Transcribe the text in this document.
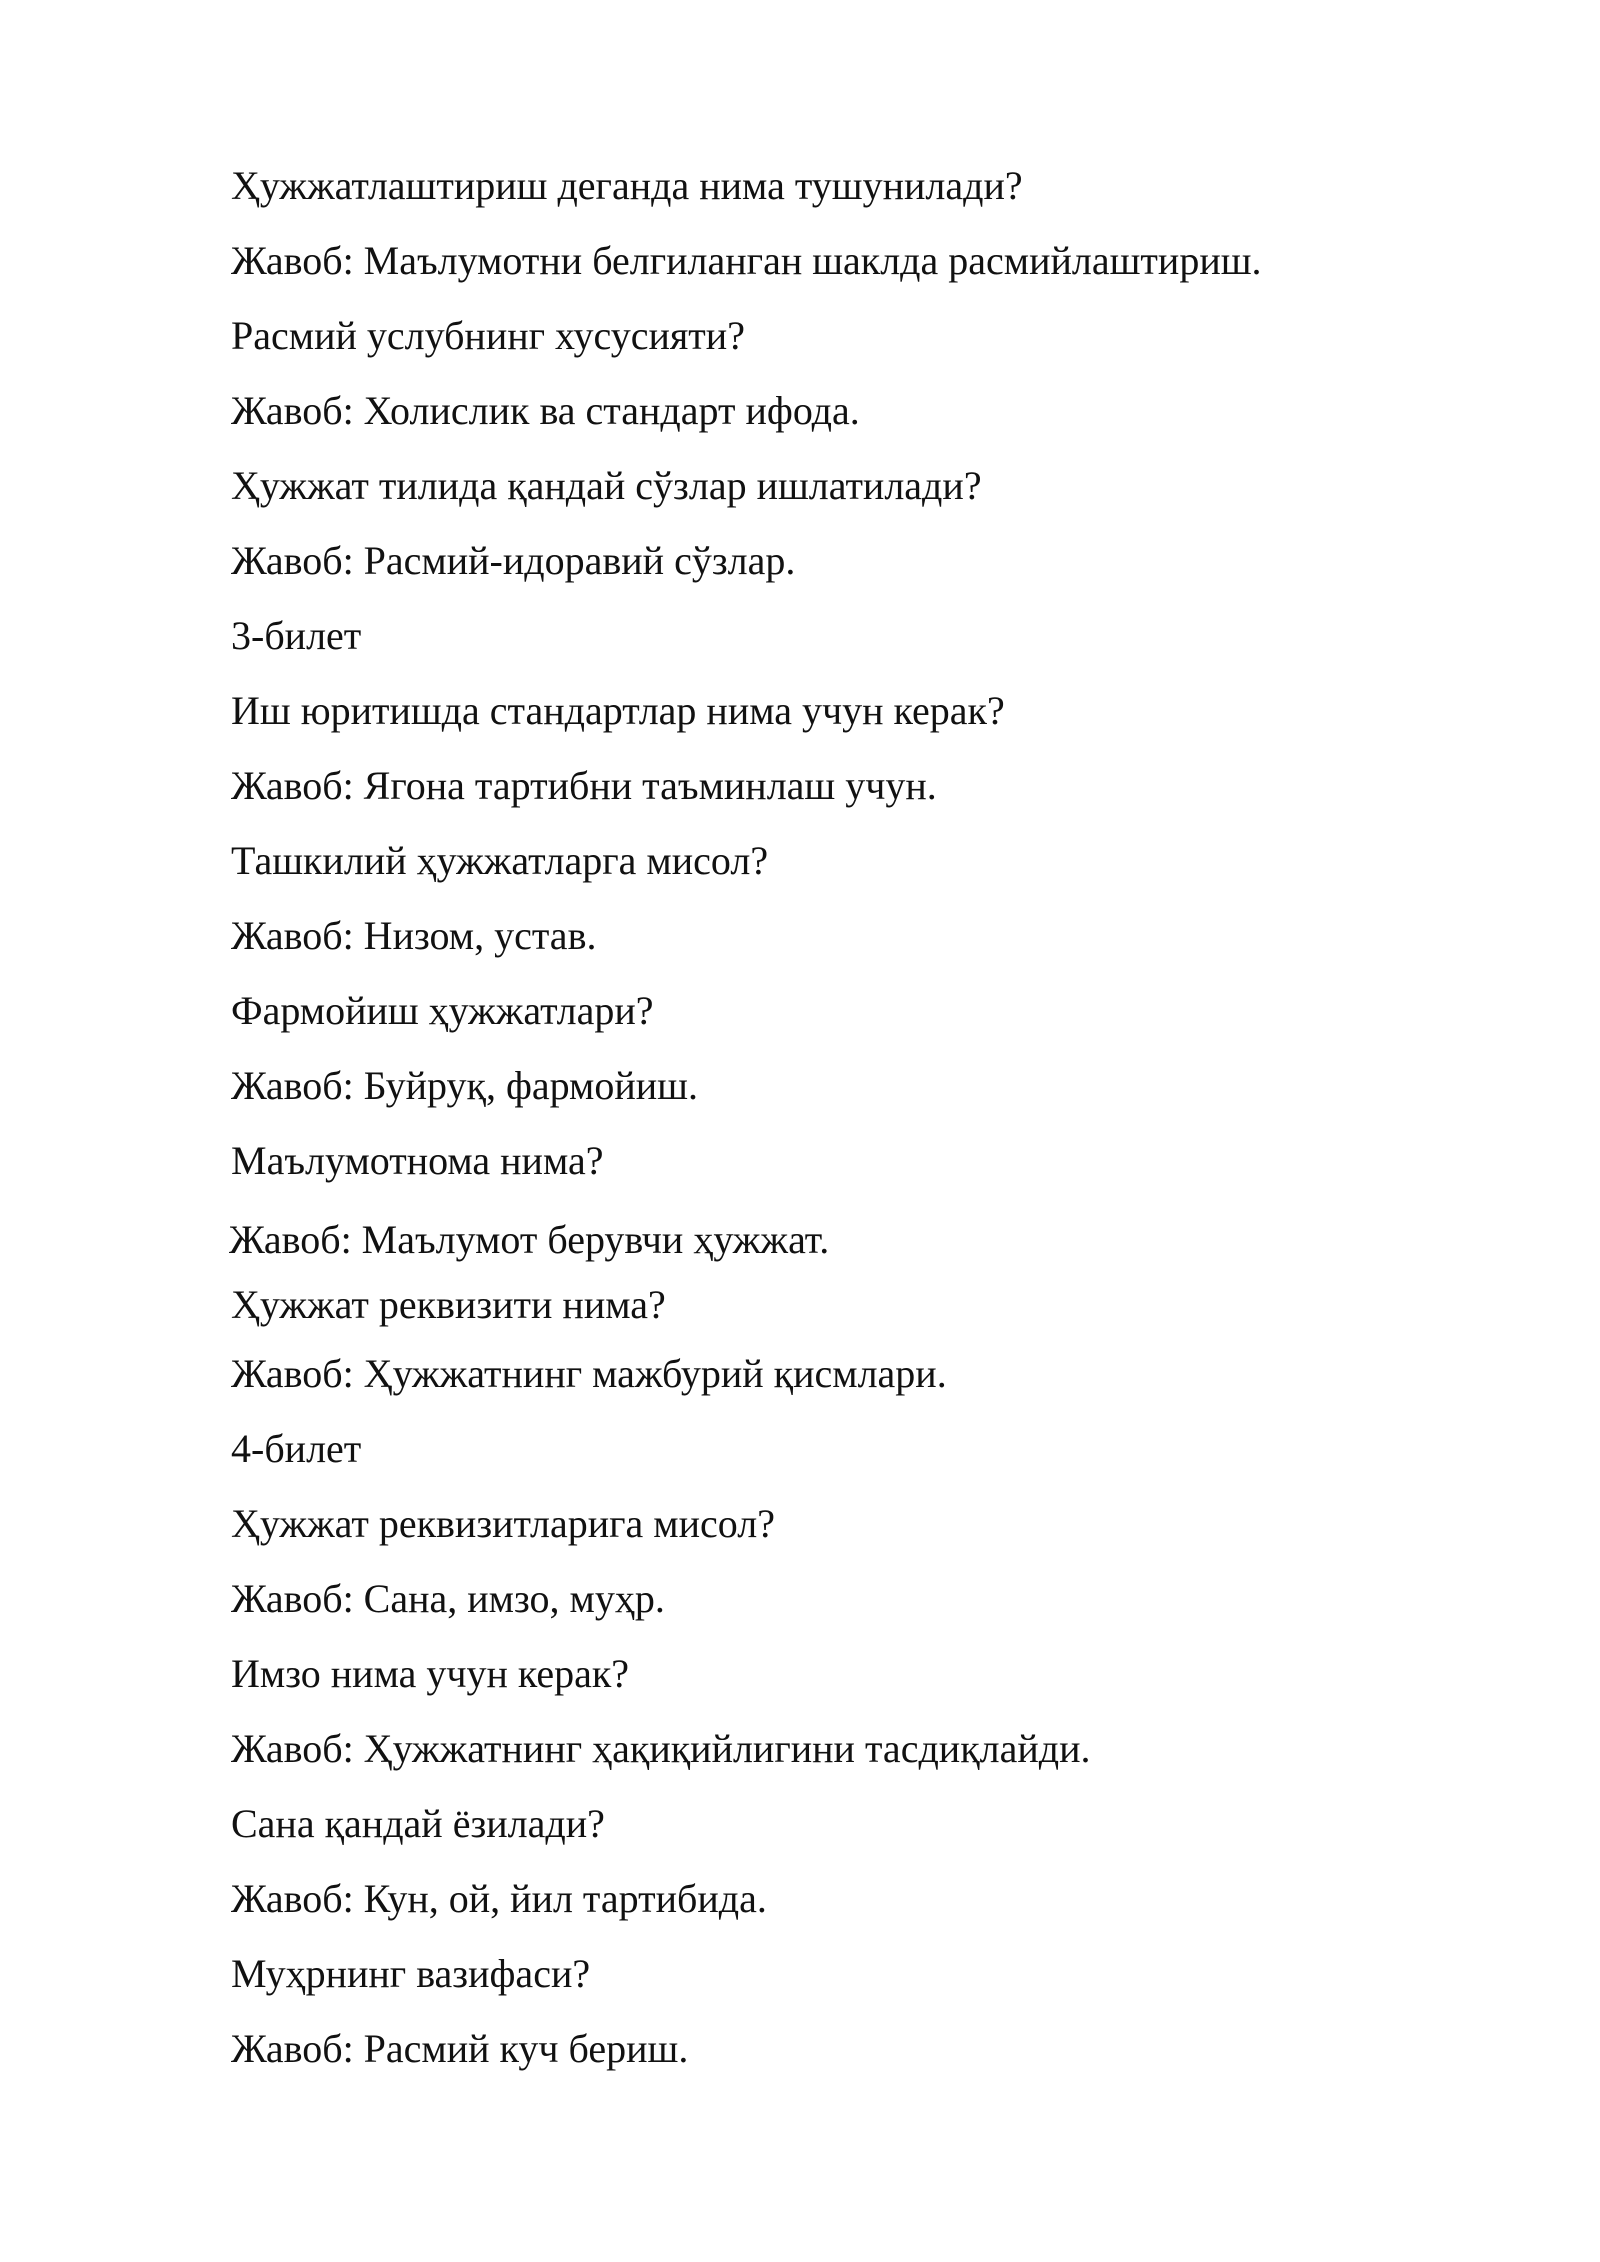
Ҳужжатлаштириш деганда нима тушунилади?

Жавоб: Маълумотни белгиланган шаклда расмийлаштириш.

Расмий услубнинг хусусияти?

Жавоб: Холислик ва стандарт ифода.

Ҳужжат тилида қандай сўзлар ишлатилади?

Жавоб: Расмий-идоравий сўзлар.

3-билет

Иш юритишда стандартлар нима учун керак?

Жавоб: Ягона тартибни таъминлаш учун.

Ташкилий ҳужжатларга мисол?

Жавоб: Низом, устав.

Фармойиш ҳужжатлари?

Жавоб: Буйруқ, фармойиш.

Маълумотнома нима?

Жавоб: Маълумот берувчи ҳужжат.

Ҳужжат реквизити нима?

Жавоб: Ҳужжатнинг мажбурий қисмлари.

4-билет

Ҳужжат реквизитларига мисол?

Жавоб: Сана, имзо, муҳр.

Имзо нима учун керак?

Жавоб: Ҳужжатнинг ҳақиқийлигини тасдиқлайди.

Сана қандай ёзилади?

Жавоб: Кун, ой, йил тартибида.

Муҳрнинг вазифаси?

Жавоб: Расмий куч бериш.
